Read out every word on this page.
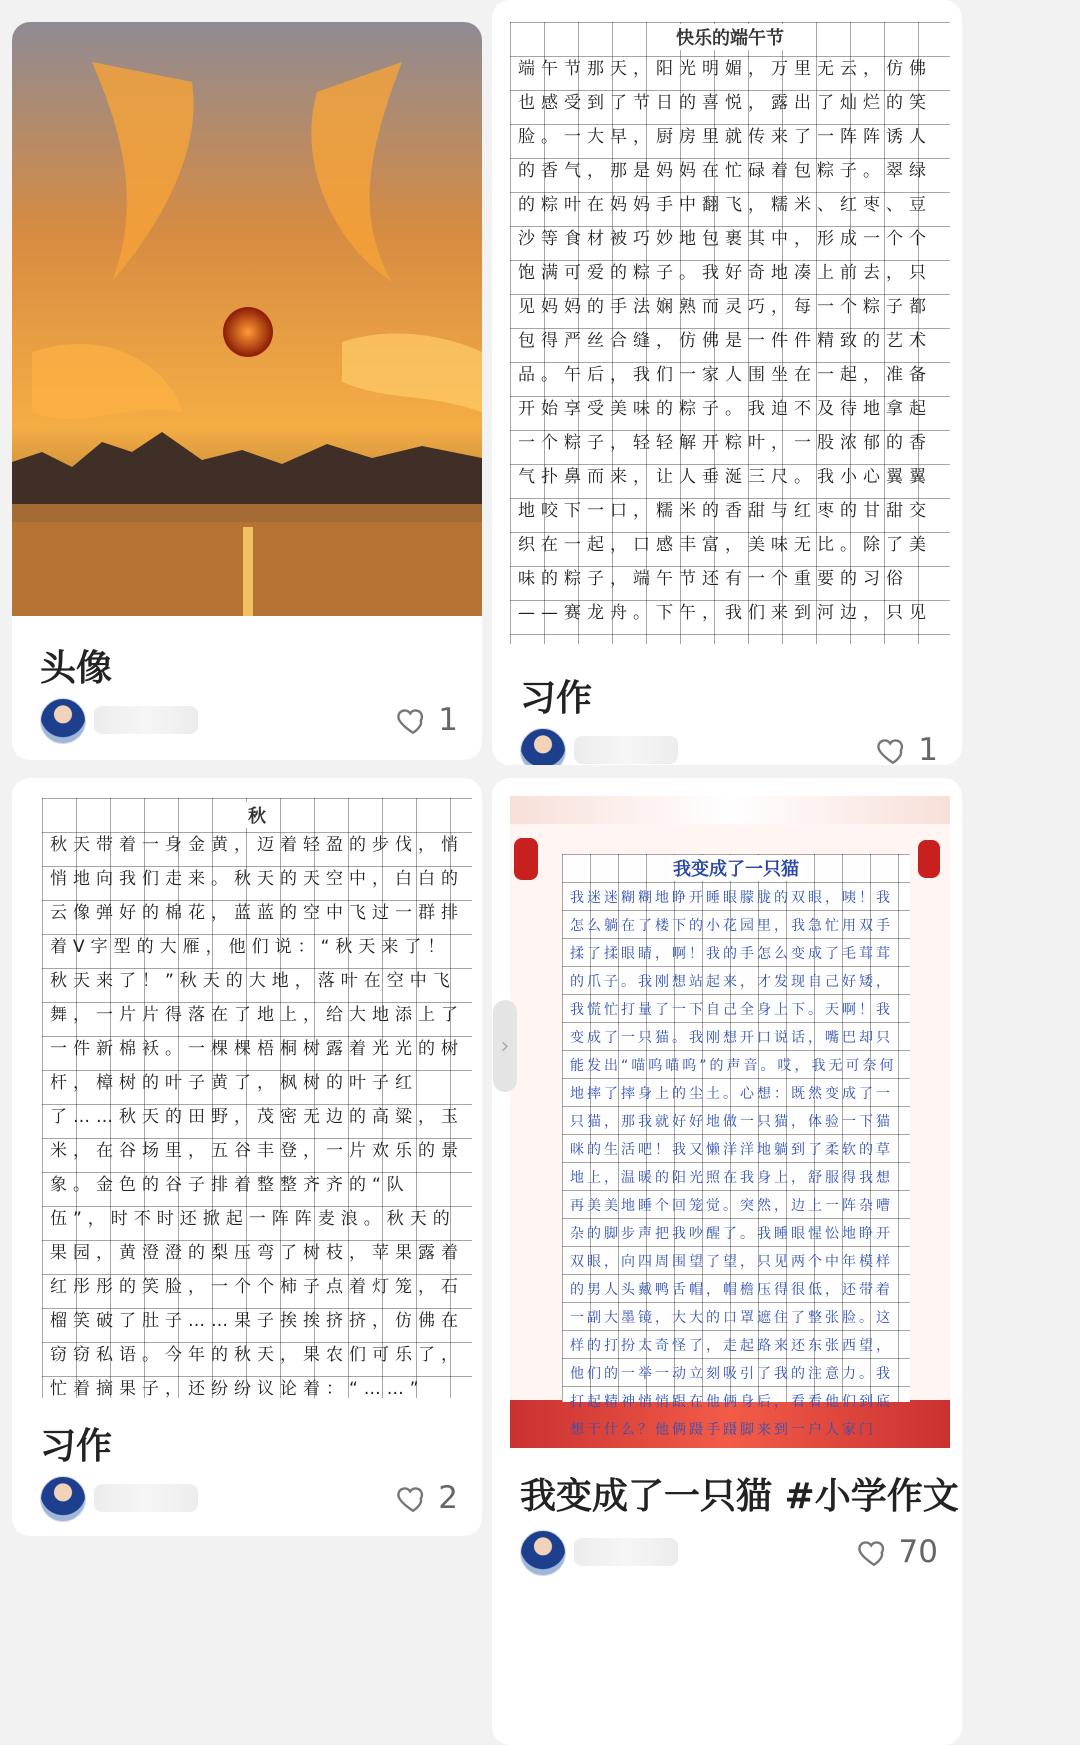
头像
1
快乐的端午节
端午节那天，阳光明媚，万里无云，仿佛也感受到了节日的喜悦，露出了灿烂的笑脸。一大早，厨房里就传来了一阵阵诱人的香气，那是妈妈在忙碌着包粽子。翠绿的粽叶在妈妈手中翻飞，糯米、红枣、豆沙等食材被巧妙地包裹其中，形成一个个饱满可爱的粽子。我好奇地凑上前去，只见妈妈的手法娴熟而灵巧，每一个粽子都包得严丝合缝，仿佛是一件件精致的艺术品。午后，我们一家人围坐在一起，准备开始享受美味的粽子。我迫不及待地拿起一个粽子，轻轻解开粽叶，一股浓郁的香气扑鼻而来，让人垂涎三尺。我小心翼翼地咬下一口，糯米的香甜与红枣的甘甜交织在一起，口感丰富，美味无比。除了美味的粽子，端午节还有一个重要的习俗——赛龙舟。下午，我们来到河边，只见
习作
1
秋
秋天带着一身金黄，迈着轻盈的步伐，悄悄地向我们走来。秋天的天空中，白白的云像弹好的棉花，蓝蓝的空中飞过一群排着V字型的大雁，他们说：“秋天来了！秋天来了！”秋天的大地，落叶在空中飞舞，一片片得落在了地上，给大地添上了一件新棉袄。一棵棵梧桐树露着光光的树杆，樟树的叶子黄了，枫树的叶子红了……秋天的田野，茂密无边的高粱，玉米，在谷场里，五谷丰登，一片欢乐的景象。金色的谷子排着整整齐齐的“队伍”，时不时还掀起一阵阵麦浪。秋天的果园，黄澄澄的梨压弯了树枝，苹果露着红彤彤的笑脸，一个个柿子点着灯笼，石榴笑破了肚子……果子挨挨挤挤，仿佛在窃窃私语。今年的秋天，果农们可乐了，忙着摘果子，还纷纷议论着：“……”
习作
2
我变成了一只猫
我迷迷糊糊地睁开睡眼朦胧的双眼，咦！我怎么躺在了楼下的小花园里，我急忙用双手揉了揉眼睛，啊！我的手怎么变成了毛茸茸的爪子。我刚想站起来，才发现自己好矮，我慌忙打量了一下自己全身上下。天啊！我变成了一只猫。我刚想开口说话，嘴巴却只能发出“喵呜喵呜”的声音。哎，我无可奈何地摔了摔身上的尘土。心想：既然变成了一只猫，那我就好好地做一只猫，体验一下猫咪的生活吧！我又懒洋洋地躺到了柔软的草地上，温暖的阳光照在我身上，舒服得我想再美美地睡个回笼觉。突然，边上一阵杂嘈杂的脚步声把我吵醒了。我睡眼惺忪地睁开双眼，向四周围望了望，只见两个中年模样的男人头戴鸭舌帽，帽檐压得很低，还带着一副大墨镜，大大的口罩遮住了整张脸。这样的打扮太奇怪了，走起路来还东张西望，他们的一举一动立刻吸引了我的注意力。我打起精神悄悄跟在他俩身后，看看他们到底想干什么？他俩蹑手蹑脚来到一户人家门
我变成了一只猫 #小学作文
70
›
